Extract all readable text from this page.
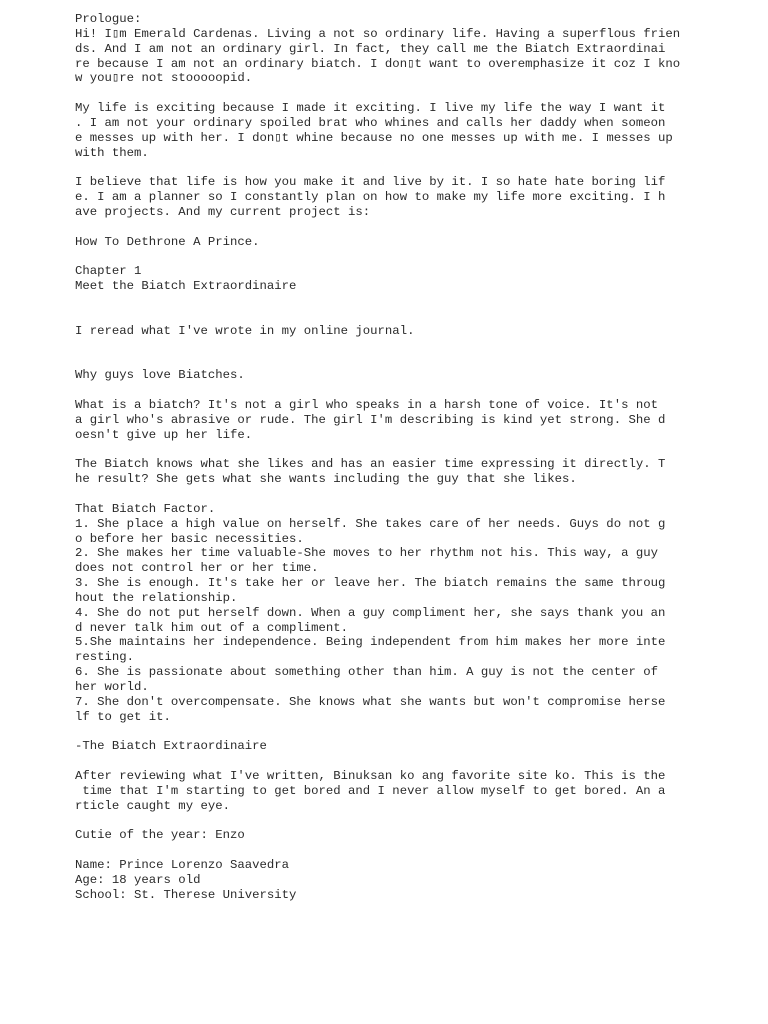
Prologue:
Hi! I▯m Emerald Cardenas. Living a not so ordinary life. Having a superflous frien
ds. And I am not an ordinary girl. In fact, they call me the Biatch Extraordinai
re because I am not an ordinary biatch. I don▯t want to overemphasize it coz I kno
w you▯re not stooooopid.
My life is exciting because I made it exciting. I live my life the way I want it
. I am not your ordinary spoiled brat who whines and calls her daddy when someon
e messes up with her. I don▯t whine because no one messes up with me. I messes up
with them.
I believe that life is how you make it and live by it. I so hate hate boring lif
e. I am a planner so I constantly plan on how to make my life more exciting. I h
ave projects. And my current project is:
How To Dethrone A Prince.
Chapter 1
Meet the Biatch Extraordinaire
I reread what I've wrote in my online journal.
Why guys love Biatches.
What is a biatch? It's not a girl who speaks in a harsh tone of voice. It's not
a girl who's abrasive or rude. The girl I'm describing is kind yet strong. She d
oesn't give up her life.
The Biatch knows what she likes and has an easier time expressing it directly. T
he result? She gets what she wants including the guy that she likes.
That Biatch Factor.
1. She place a high value on herself. She takes care of her needs. Guys do not g
o before her basic necessities.
2. She makes her time valuable-She moves to her rhythm not his. This way, a guy
does not control her or her time.
3. She is enough. It's take her or leave her. The biatch remains the same throug
hout the relationship.
4. She do not put herself down. When a guy compliment her, she says thank you an
d never talk him out of a compliment.
5.She maintains her independence. Being independent from him makes her more inte
resting.
6. She is passionate about something other than him. A guy is not the center of
her world.
7. She don't overcompensate. She knows what she wants but won't compromise herse
lf to get it.
-The Biatch Extraordinaire
After reviewing what I've written, Binuksan ko ang favorite site ko. This is the
time that I'm starting to get bored and I never allow myself to get bored. An a
rticle caught my eye.
Cutie of the year: Enzo
Name: Prince Lorenzo Saavedra
Age: 18 years old
School: St. Therese University
